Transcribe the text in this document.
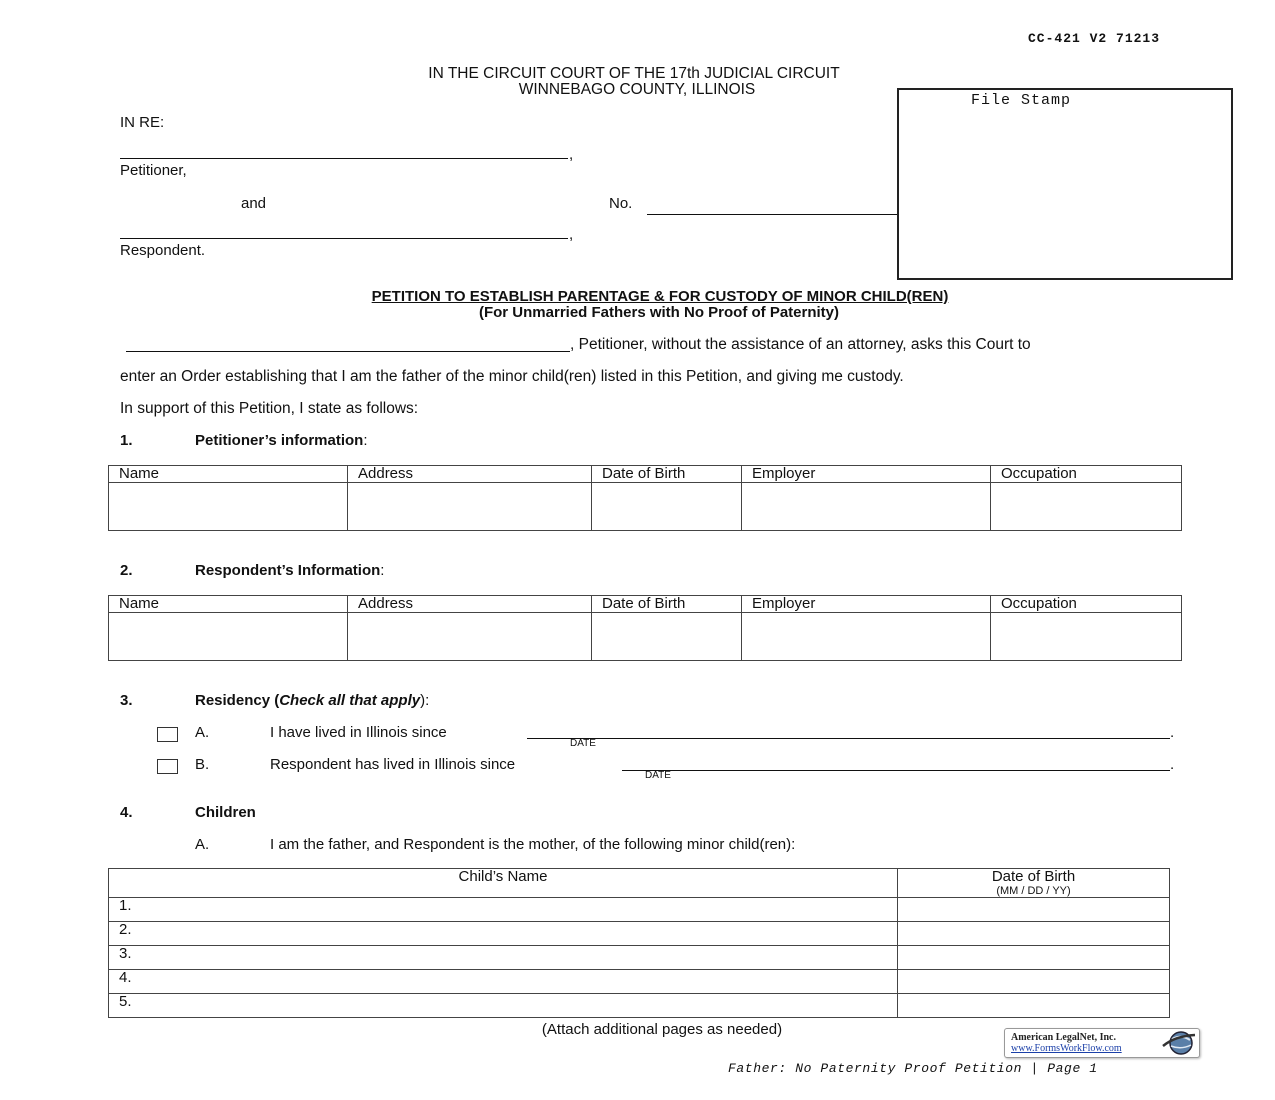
CC-421 V2 71213
IN THE CIRCUIT COURT OF THE 17th JUDICIAL CIRCUIT
WINNEBAGO COUNTY, ILLINOIS
File Stamp
IN RE:
,
Petitioner,
and	No.
,
Respondent.
PETITION TO ESTABLISH PARENTAGE & FOR CUSTODY OF MINOR CHILD(REN)
(For Unmarried Fathers with No Proof of Paternity)
, Petitioner, without the assistance of an attorney, asks this Court to
enter an Order establishing that I am the father of the minor child(ren) listed in this Petition, and giving me custody.
In support of this Petition, I state as follows:
1.	Petitioner’s information:
Name	Address	Date of Birth	Employer	Occupation

2.	Respondent’s Information:
Name	Address	Date of Birth	Employer	Occupation

3.	Residency (Check all that apply):
A.	I have lived in Illinois since	.
DATE
B.	Respondent has lived in Illinois since	.
DATE
4.	Children
A.	I am the father, and Respondent is the mother, of the following minor child(ren):
Child’s Name	Date of Birth
(MM / DD / YY)

1.	
2.	
3.	
4.	
5.	
(Attach additional pages as needed)	American LegalNet, Inc.
www.FormsWorkFlow.com
Father: No Paternity Proof Petition | Page 1
